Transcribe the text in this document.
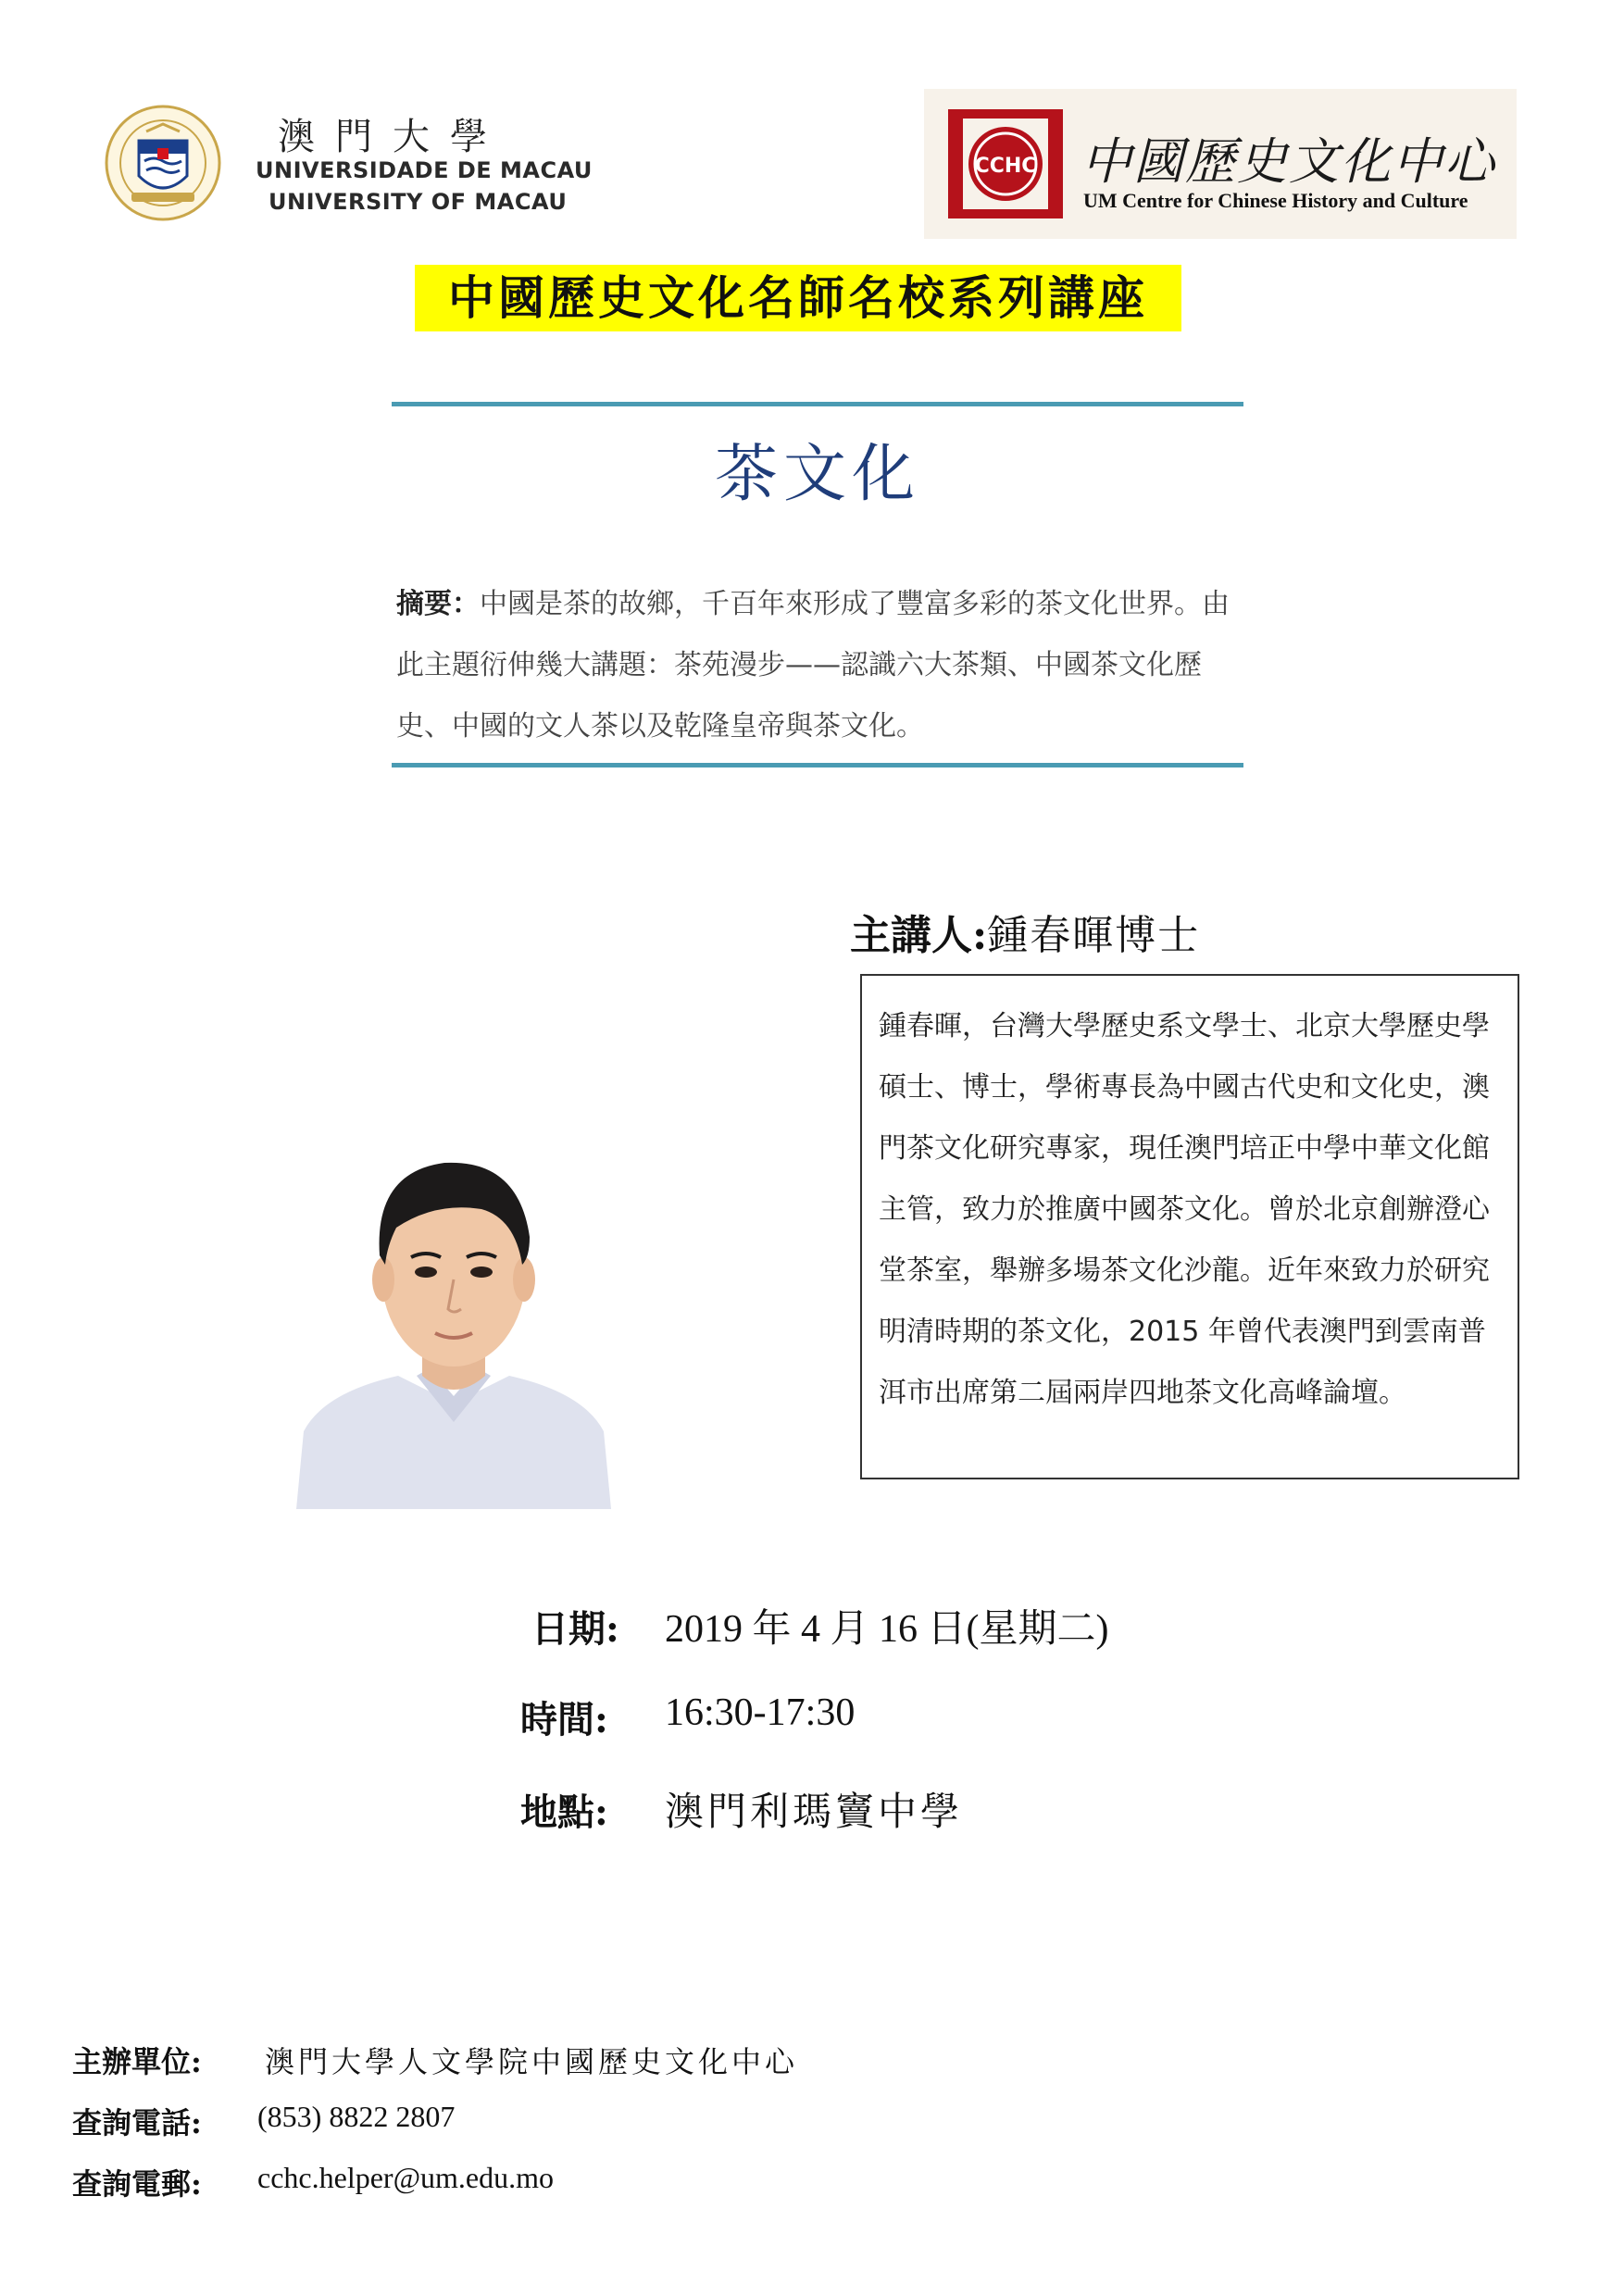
澳門大學
UNIVERSIDADE DE MACAU
UNIVERSITY OF MACAU
CCHC 中國歷史文化中心
UM Centre for Chinese History and Culture
中國歷史文化名師名校系列講座
茶文化
摘要：中國是茶的故鄉，千百年來形成了豐富多彩的茶文化世界。由此主題衍伸幾大講題：茶苑漫步——認識六大茶類、中國茶文化歷史、中國的文人茶以及乾隆皇帝與茶文化。
主講人:鍾春暉博士
鍾春暉，台灣大學歷史系文學士、北京大學歷史學碩士、博士，學術專長為中國古代史和文化史，澳門茶文化研究專家，現任澳門培正中學中華文化館主管，致力於推廣中國茶文化。曾於北京創辦澄心堂茶室，舉辦多場茶文化沙龍。近年來致力於研究明清時期的茶文化，2015 年曾代表澳門到雲南普洱市出席第二屆兩岸四地茶文化高峰論壇。
日期: 2019 年 4 月 16 日(星期二)
時間: 16:30-17:30
地點: 澳門利瑪竇中學
主辦單位: 澳門大學人文學院中國歷史文化中心
查詢電話: (853) 8822 2807
查詢電郵: cchc.helper@um.edu.mo
